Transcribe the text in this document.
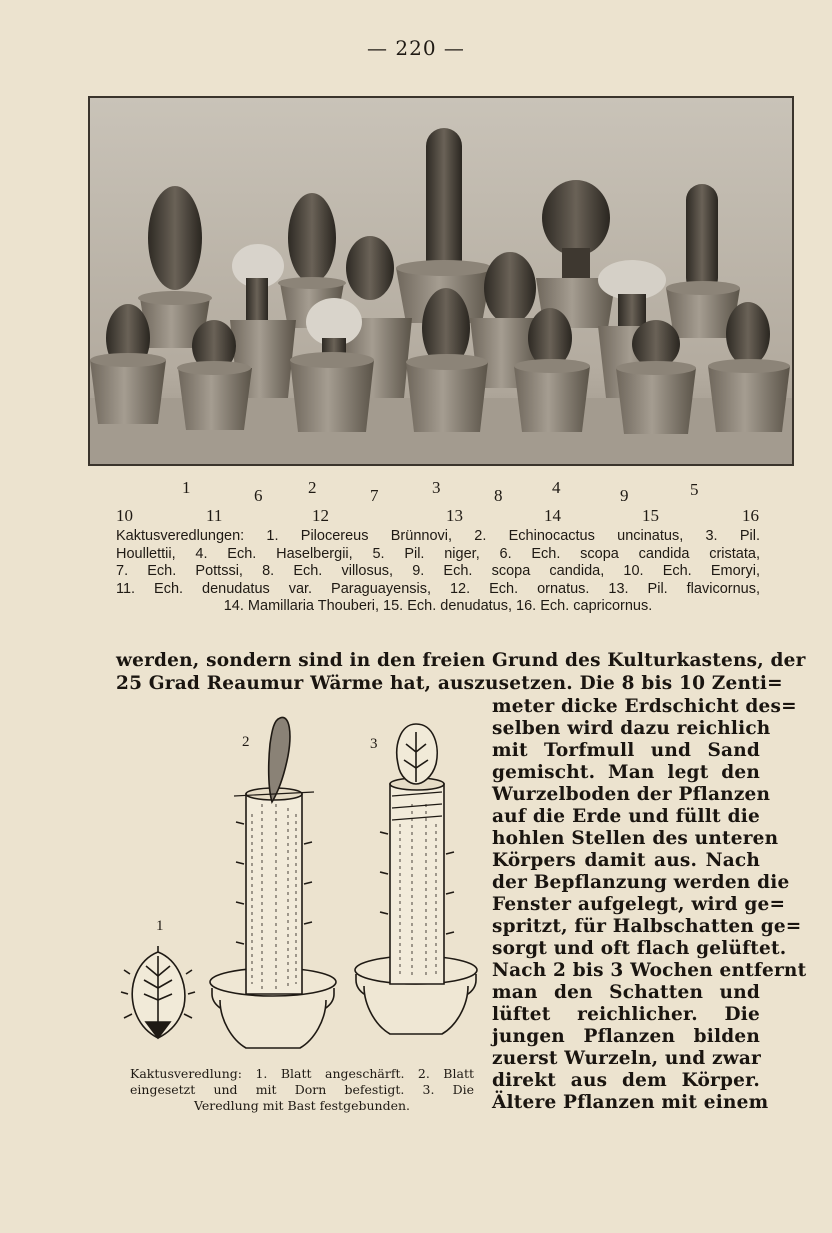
— 220 —
1	6	2	7	3	8	4	9	5
10	11	12	13	14	15	16
Kaktusveredlungen: 1. Pilocereus Brünnovi, 2. Echinocactus uncinatus, 3. Pil.
Houllettii, 4. Ech. Haselbergii, 5. Pil. niger, 6. Ech. scopa candida cristata,
7. Ech. Pottssi, 8. Ech. villosus, 9. Ech. scopa candida, 10. Ech. Emoryi,
11. Ech. denudatus var. Paraguayensis, 12. Ech. ornatus. 13. Pil. flavicornus,
14. Mamillaria Thouberi, 15. Ech. denudatus, 16. Ech. capricornus.
werden, sondern sind in den freien Grund des Kulturkastens, der
25 Grad Reaumur Wärme hat, auszusetzen. Die 8 bis 10 Zenti=
meter dicke Erdschicht des=
selben wird dazu reichlich
mit Torfmull und Sand
gemischt. Man legt den
Wurzelboden der Pflanzen
auf die Erde und füllt die
hohlen Stellen des unteren
Körpers damit aus. Nach
der Bepflanzung werden die
Fenster aufgelegt, wird ge=
spritzt, für Halbschatten ge=
sorgt und oft flach gelüftet.
Nach 2 bis 3 Wochen entfernt
man den Schatten und
lüftet reichlicher. Die
jungen Pflanzen bilden
zuerst Wurzeln, und zwar
direkt aus dem Körper.
Ältere Pflanzen mit einem
2	3
1
Kaktusveredlung: 1. Blatt angeschärft. 2. Blatt
eingesetzt und mit Dorn befestigt. 3. Die
Veredlung mit Bast festgebunden.
